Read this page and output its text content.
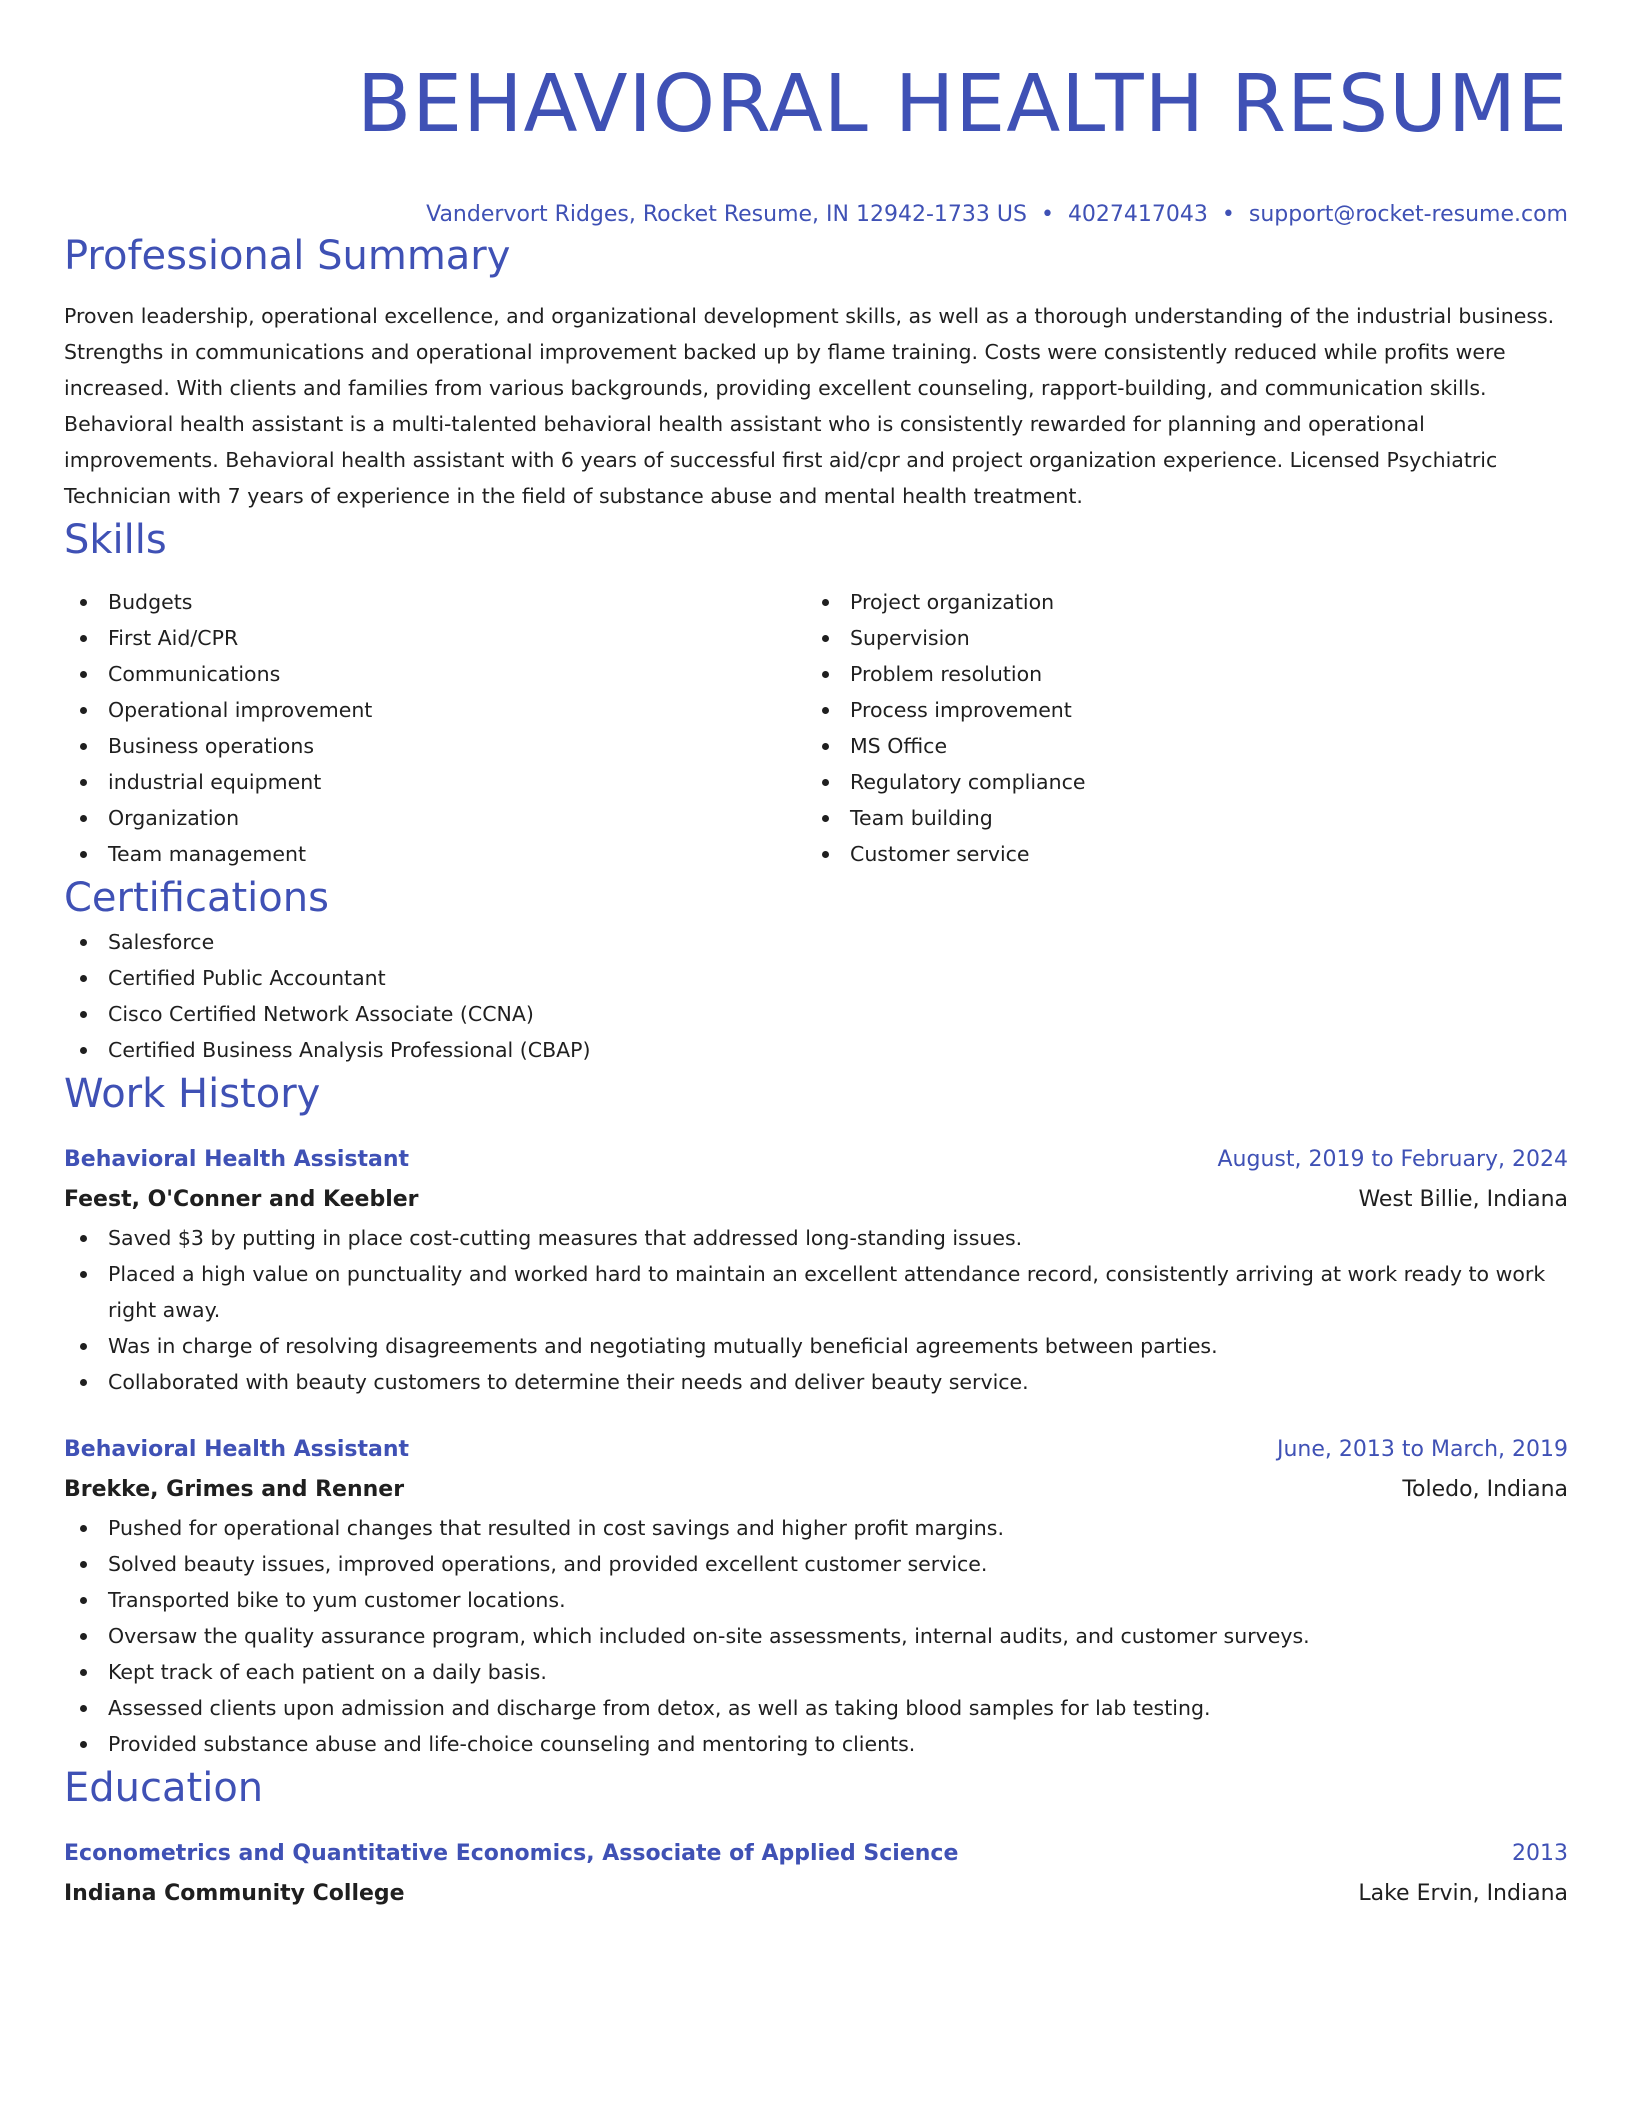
BEHAVIORAL HEALTH RESUME
Vandervort Ridges, Rocket Resume, IN 12942-1733 US • 4027417043 • support@rocket-resume.com
Professional Summary
Proven leadership, operational excellence, and organizational development skills, as well as a thorough understanding of the industrial business. Strengths in communications and operational improvement backed up by flame training. Costs were consistently reduced while profits were increased. With clients and families from various backgrounds, providing excellent counseling, rapport-building, and communication skills. Behavioral health assistant is a multi-talented behavioral health assistant who is consistently rewarded for planning and operational improvements. Behavioral health assistant with 6 years of successful first aid/cpr and project organization experience. Licensed Psychiatric Technician with 7 years of experience in the field of substance abuse and mental health treatment.
Skills
Budgets
First Aid/CPR
Communications
Operational improvement
Business operations
industrial equipment
Organization
Team management
Project organization
Supervision
Problem resolution
Process improvement
MS Office
Regulatory compliance
Team building
Customer service
Certifications
Salesforce
Certified Public Accountant
Cisco Certified Network Associate (CCNA)
Certified Business Analysis Professional (CBAP)
Work History
Behavioral Health Assistant	August, 2019 to February, 2024
Feest, O'Conner and Keebler	West Billie, Indiana
Saved $3 by putting in place cost-cutting measures that addressed long-standing issues.
Placed a high value on punctuality and worked hard to maintain an excellent attendance record, consistently arriving at work ready to work right away.
Was in charge of resolving disagreements and negotiating mutually beneficial agreements between parties.
Collaborated with beauty customers to determine their needs and deliver beauty service.
Behavioral Health Assistant	June, 2013 to March, 2019
Brekke, Grimes and Renner	Toledo, Indiana
Pushed for operational changes that resulted in cost savings and higher profit margins.
Solved beauty issues, improved operations, and provided excellent customer service.
Transported bike to yum customer locations.
Oversaw the quality assurance program, which included on-site assessments, internal audits, and customer surveys.
Kept track of each patient on a daily basis.
Assessed clients upon admission and discharge from detox, as well as taking blood samples for lab testing.
Provided substance abuse and life-choice counseling and mentoring to clients.
Education
Econometrics and Quantitative Economics, Associate of Applied Science	2013
Indiana Community College	Lake Ervin, Indiana
